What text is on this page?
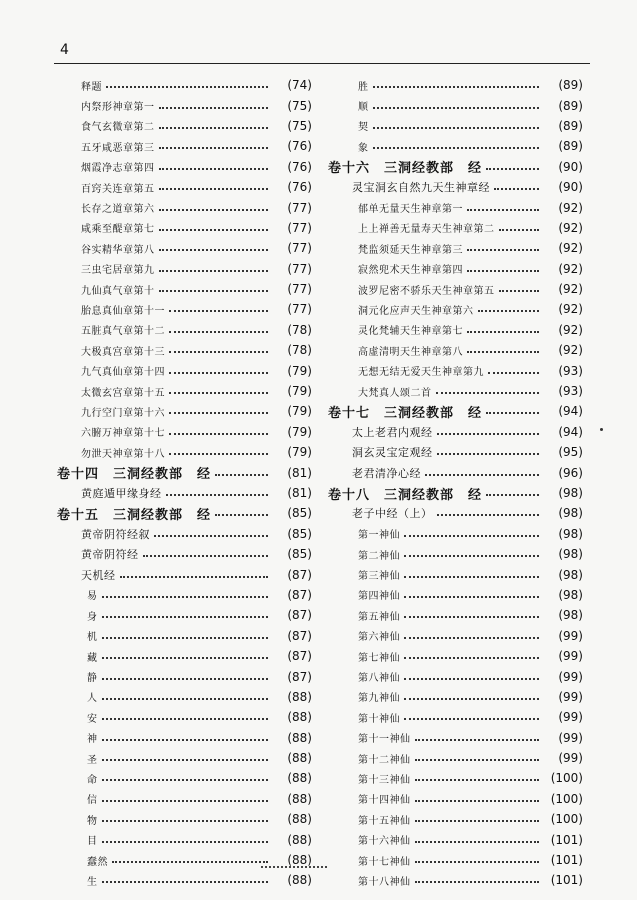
4
释题	(74)
内祭形神章第一	(75)
食气玄微章第二	(75)
五牙咸恶章第三	(76)
烟霞净志章第四	(76)
百窍关连章第五	(76)
长存之道章第六	(77)
咸乘至醍章第七	(77)
谷实精华章第八	(77)
三虫宅居章第九	(77)
九仙真气章第十	(77)
胎息真仙章第十一	(77)
五脏真气章第十二	(78)
大极真宫章第十三	(78)
九气真仙章第十四	(79)
太微玄宫章第十五	(79)
九行空门章第十六	(79)
六腑万神章第十七	(79)
勿泄天神章第十八	(79)
卷十四　三洞经教部　经	(81)
黄庭遁甲缘身经	(81)
卷十五　三洞经教部　经	(85)
黄帝阴符经叙	(85)
黄帝阴符经	(85)
天机经	(87)
易	(87)
身	(87)
机	(87)
藏	(87)
静	(87)
人	(88)
安	(88)
神	(88)
圣	(88)
命	(88)
信	(88)
物	(88)
目	(88)
蠢然	(88)
生	(88)
胜	(89)
顺	(89)
契	(89)
象	(89)
卷十六　三洞经教部　经	(90)
灵宝洞玄自然九天生神章经	(90)
郁单无量天生神章第一	(92)
上上禅善无量寿天生神章第二	(92)
梵监须延天生神章第三	(92)
寂然兜术天生神章第四	(92)
波罗尼密不骄乐天生神章第五	(92)
洞元化应声天生神章第六	(92)
灵化梵辅天生神章第七	(92)
高虚清明天生神章第八	(92)
无想无结无爱天生神章第九	(93)
大梵真人颂二首	(93)
卷十七　三洞经教部　经	(94)
太上老君内观经	(94)
洞玄灵宝定观经	(95)
老君清净心经	(96)
卷十八　三洞经教部　经	(98)
老子中经（上）	(98)
第一神仙	(98)
第二神仙	(98)
第三神仙	(98)
第四神仙	(98)
第五神仙	(98)
第六神仙	(99)
第七神仙	(99)
第八神仙	(99)
第九神仙	(99)
第十神仙	(99)
第十一神仙	(99)
第十二神仙	(99)
第十三神仙	(100)
第十四神仙	(100)
第十五神仙	(100)
第十六神仙	(101)
第十七神仙	(101)
第十八神仙	(101)
